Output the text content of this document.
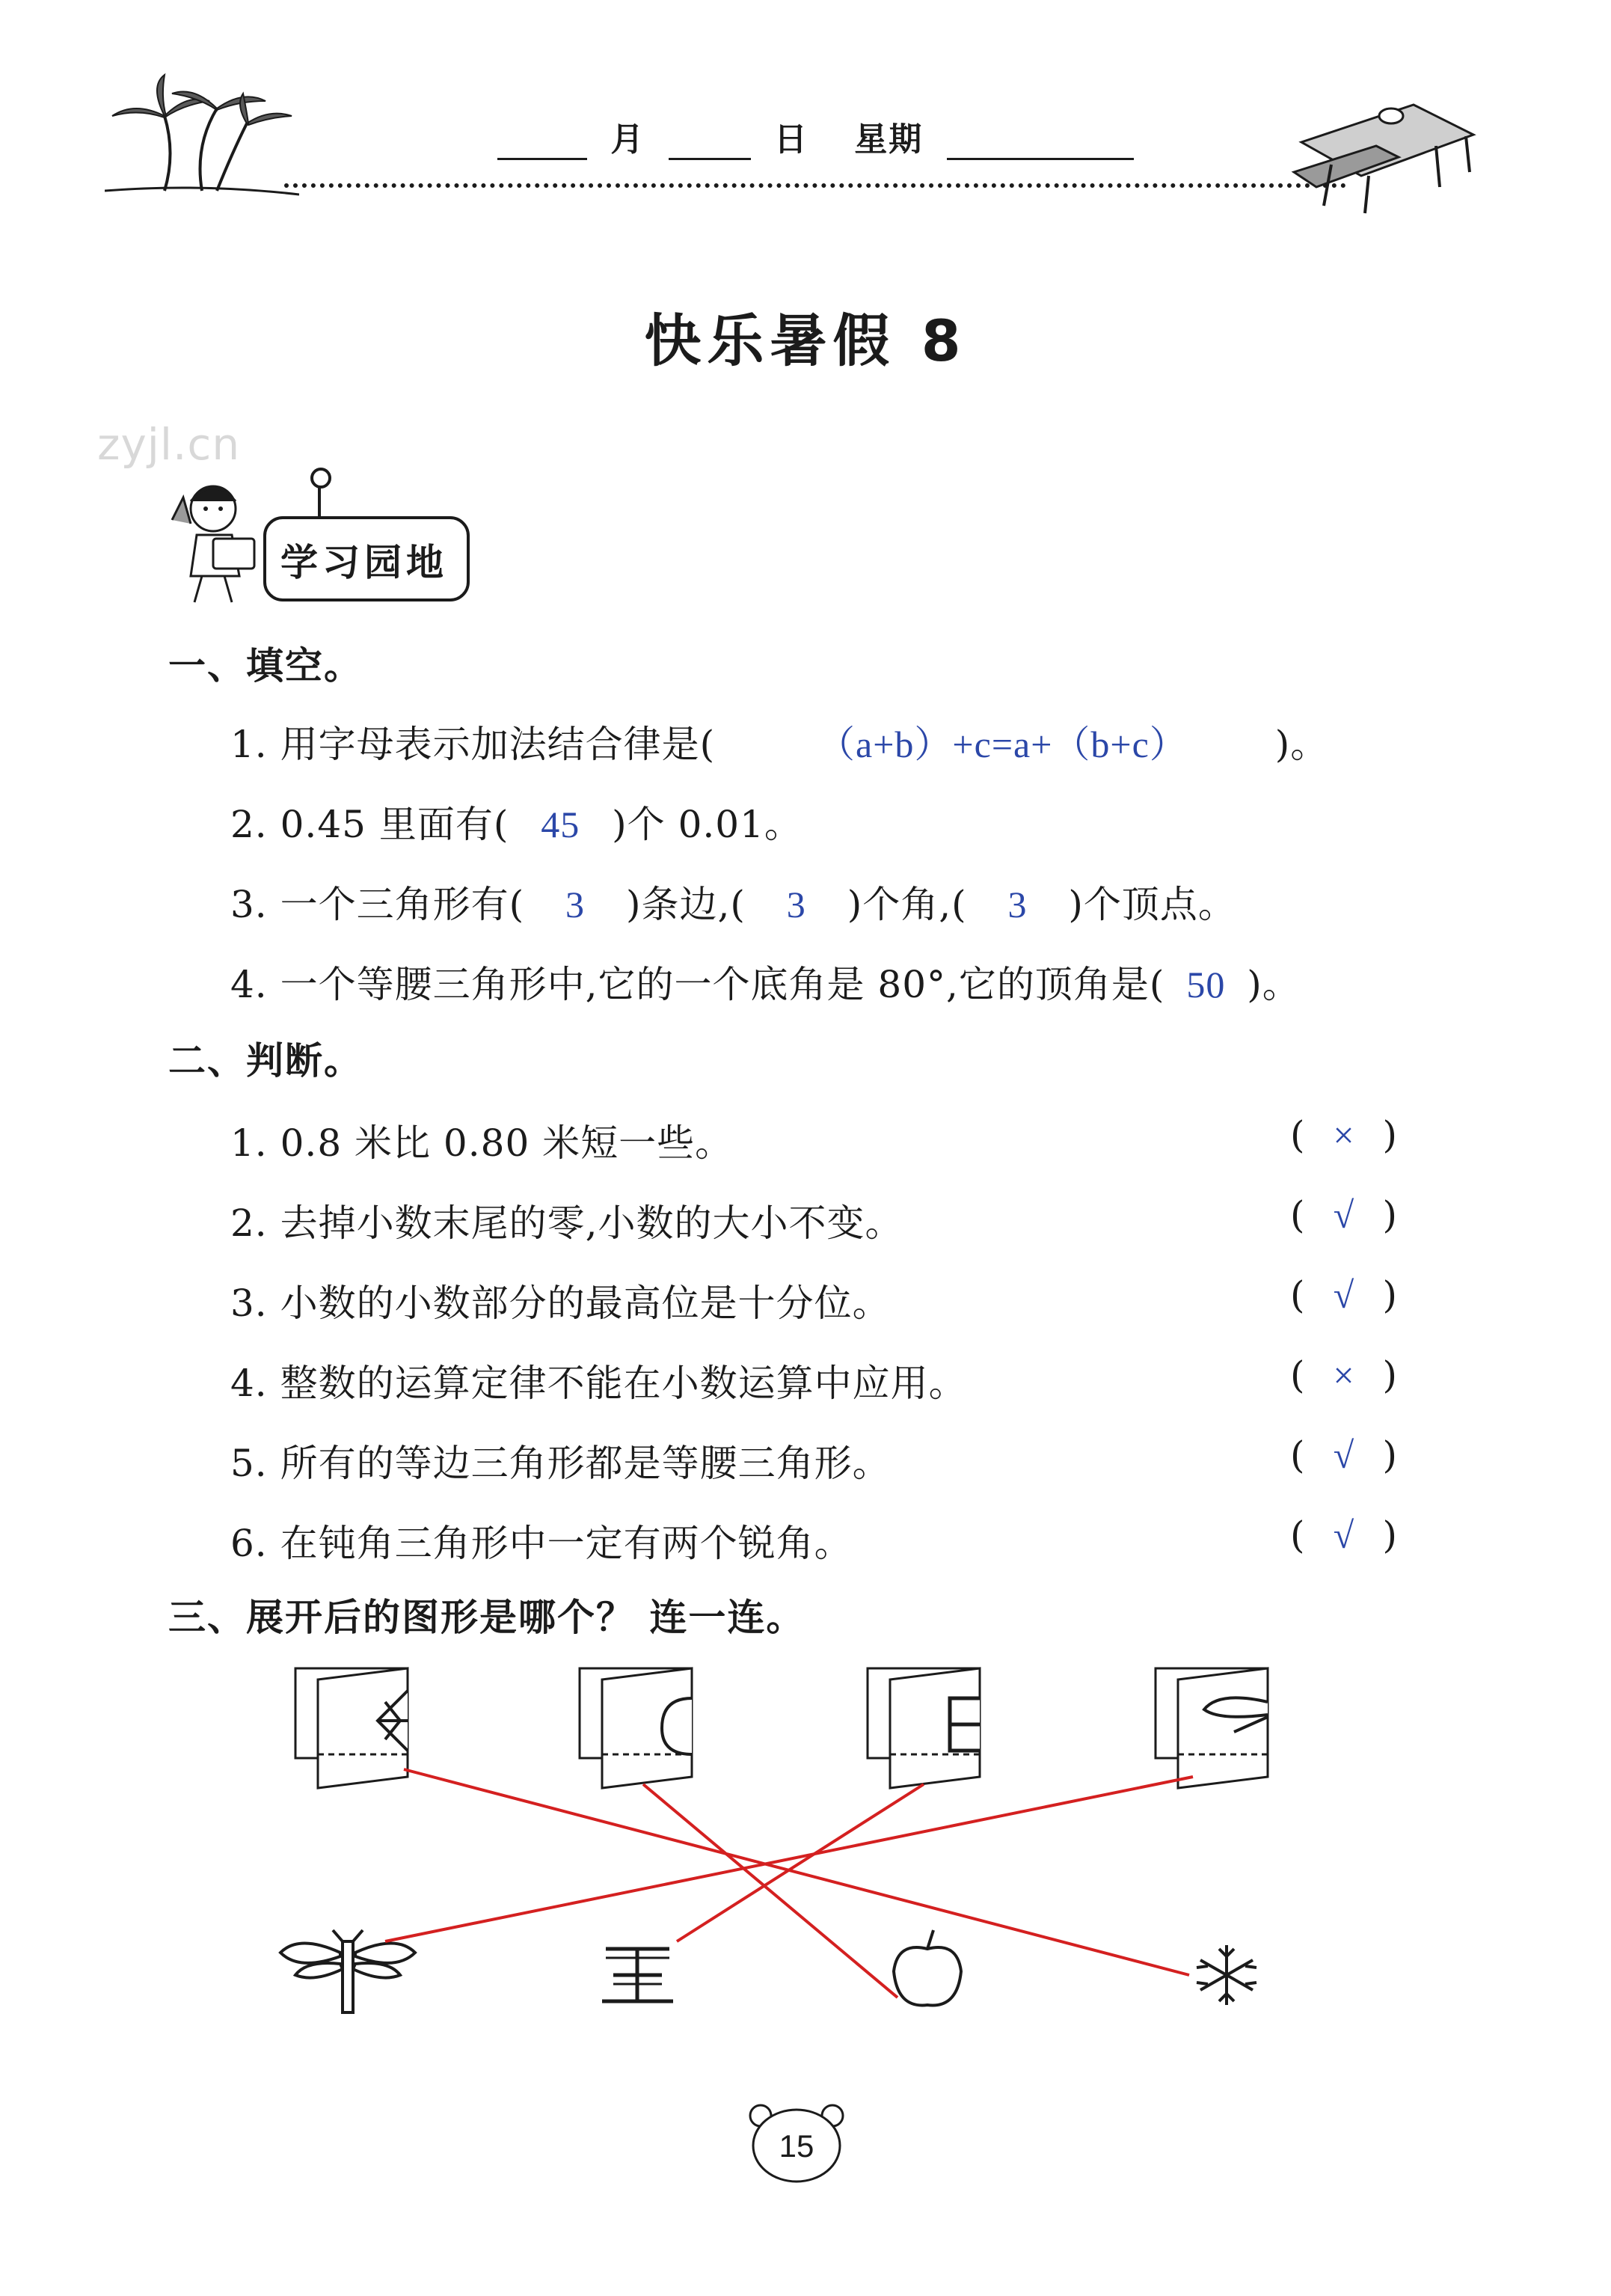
月	日 星期
快乐暑假 8
zyjl.cn
学习园地
一、填空。
1. 用字母表示加法结合律是(	（a+b）+c=a+（b+c） )。
2. 0.45 里面有( 45 )个 0.01。
3. 一个三角形有( 3 )条边,( 3 )个角,( 3 )个顶点。
4. 一个等腰三角形中,它的一个底角是 80°,它的顶角是( 50 )。
二、判断。
1. 0.8 米比 0.80 米短一些。	( × )
2. 去掉小数末尾的零,小数的大小不变。	( √ )
3. 小数的小数部分的最高位是十分位。	( √ )
4. 整数的运算定律不能在小数运算中应用。	( × )
5. 所有的等边三角形都是等腰三角形。	( √ )
6. 在钝角三角形中一定有两个锐角。	( √ )
三、展开后的图形是哪个？ 连一连。
15
